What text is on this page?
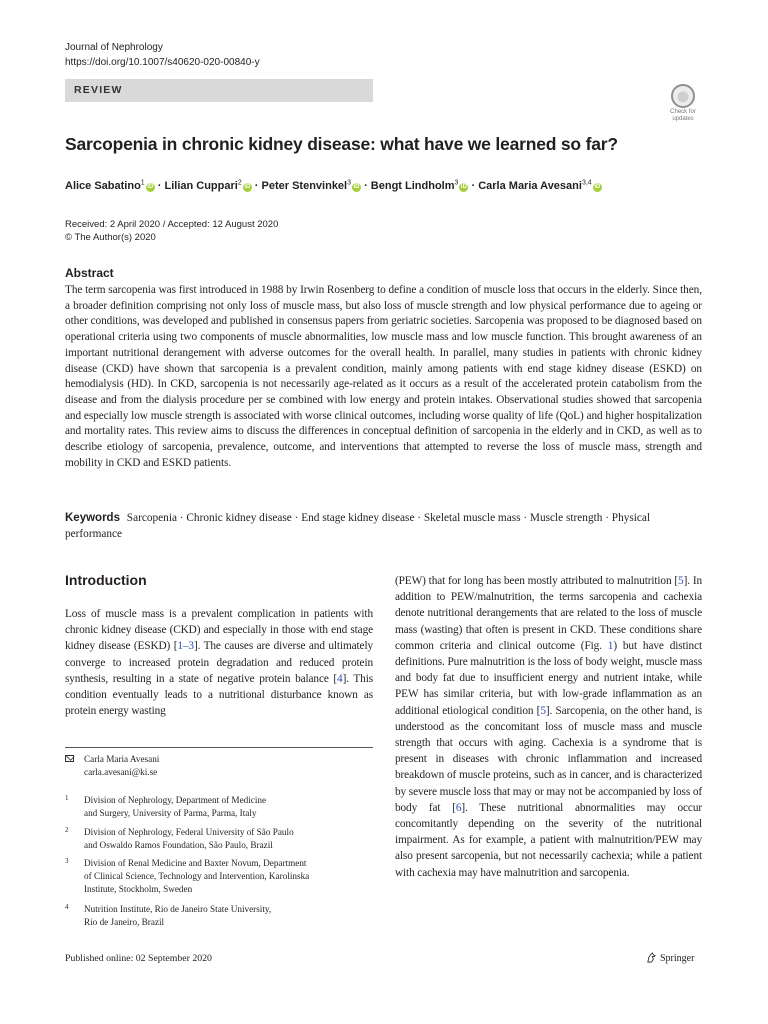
Journal of Nephrology
https://doi.org/10.1007/s40620-020-00840-y
REVIEW
Check for
updates
Sarcopenia in chronic kidney disease: what have we learned so far?
Alice Sabatino$^1$iD · Lilian Cuppari$^2$iD · Peter Stenvinkel$^3$iD · Bengt Lindholm$^3$iD · Carla Maria Avesani$^{3,4}$iD
Received: 2 April 2020 / Accepted: 12 August 2020
© The Author(s) 2020
Abstract
The term sarcopenia was first introduced in 1988 by Irwin Rosenberg to define a condition of muscle loss that occurs in the elderly. Since then, a broader definition comprising not only loss of muscle mass, but also loss of muscle strength and low physical performance due to ageing or other conditions, was developed and published in consensus papers from geriatric societies. Sarcopenia was proposed to be diagnosed based on operational criteria using two components of muscle abnormalities, low muscle mass and low muscle function. This brought awareness of an important nutritional derangement with adverse outcomes for the overall health. In parallel, many studies in patients with chronic kidney disease (CKD) have shown that sarcopenia is a prevalent condition, mainly among patients with end stage kidney disease (ESKD) on hemodialysis (HD). In CKD, sarcopenia is not necessarily age-related as it occurs as a result of the accelerated protein catabolism from the disease and from the dialysis procedure per se combined with low energy and protein intakes. Observational studies showed that sarcopenia and especially low muscle strength is associated with worse clinical outcomes, including worse quality of life (QoL) and higher hospitalization and mortality rates. This review aims to discuss the differences in conceptual definition of sarcopenia in the elderly and in CKD, as well as to describe etiology of sarcopenia, prevalence, outcome, and interventions that attempted to reverse the loss of muscle mass, strength and mobility in CKD and ESKD patients.
Keywords Sarcopenia · Chronic kidney disease · End stage kidney disease · Skeletal muscle mass · Muscle strength · Physical performance
Introduction
Loss of muscle mass is a prevalent complication in patients with chronic kidney disease (CKD) and especially in those with end stage kidney disease (ESKD) [1–3]. The causes are diverse and ultimately converge to increased protein degradation and reduced protein synthesis, resulting in a state of negative protein balance [4]. This condition eventually leads to a nutritional disturbance known as protein energy wasting
(PEW) that for long has been mostly attributed to malnutrition [5]. In addition to PEW/malnutrition, the terms sarcopenia and cachexia denote nutritional derangements that are related to the loss of muscle mass (wasting) that often is present in CKD. These conditions share common criteria and clinical outcome (Fig. 1) but have distinct definitions. Pure malnutrition is the loss of body weight, muscle mass and body fat due to insufficient energy and nutrient intake, while PEW has similar criteria, but with low-grade inflammation as an additional etiological condition [5]. Sarcopenia, on the other hand, is understood as the concomitant loss of muscle mass and muscle strength that occurs with aging. Cachexia is a syndrome that is present in diseases with chronic inflammation and increased breakdown of muscle proteins, such as in cancer, and is characterized by severe muscle loss that may or may not be accompanied by loss of body fat [6]. These nutritional abnormalities may occur concomitantly depending on the severity of the nutritional impairment. As for example, a patient with malnutrition/PEW may also present sarcopenia, but not necessarily cachexia; while a patient with cachexia may have malnutrition and sarcopenia.
Carla Maria Avesani
carla.avesani@ki.se
1 Division of Nephrology, Department of Medicine
and Surgery, University of Parma, Parma, Italy
2 Division of Nephrology, Federal University of São Paulo
and Oswaldo Ramos Foundation, São Paulo, Brazil
3 Division of Renal Medicine and Baxter Novum, Department
of Clinical Science, Technology and Intervention, Karolinska
Institute, Stockholm, Sweden
4 Nutrition Institute, Rio de Janeiro State University,
Rio de Janeiro, Brazil
Published online: 02 September 2020	Springer
